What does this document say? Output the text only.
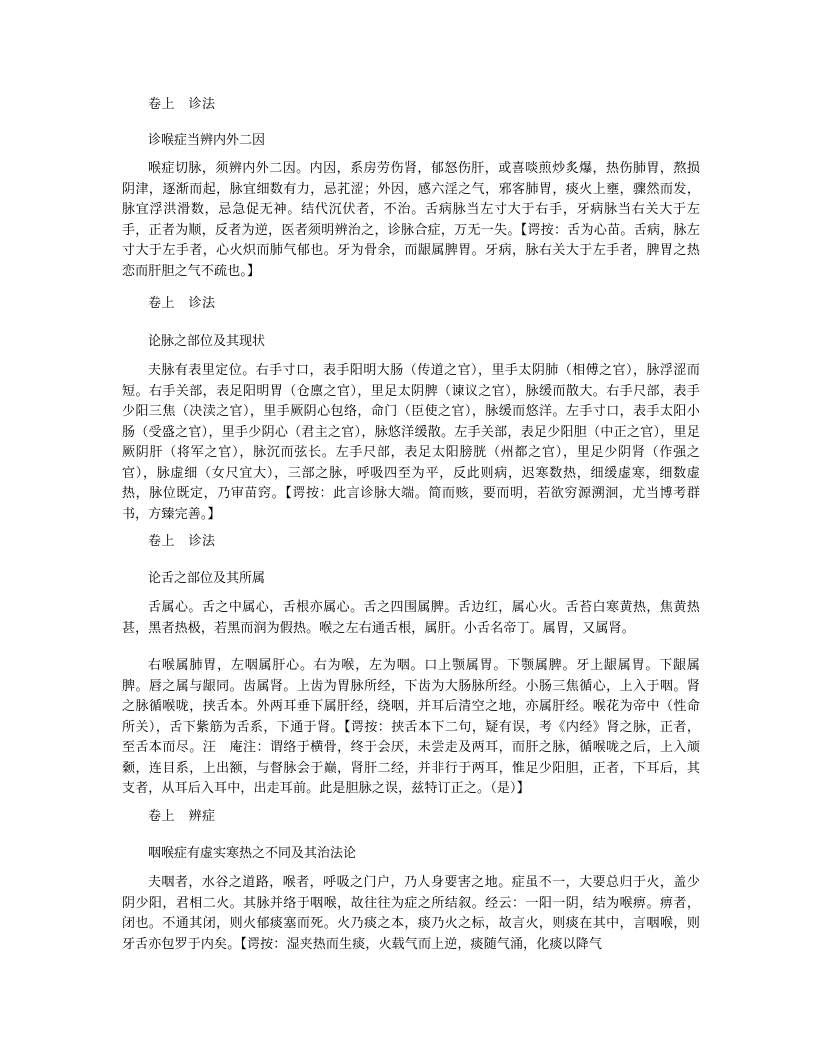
卷上　诊法
诊喉症当辨内外二因

喉症切脉，须辨内外二因。内因，系房劳伤肾，郁怒伤肝，或喜啖煎炒炙爆，热伤肺胃，熬损阴津，逐渐而起，脉宜细数有力，忌芤涩；外因，感六淫之气，邪客肺胃，痰火上壅，骤然而发，脉宜浮洪滑数，忌急促无神。结代沉伏者，不治。舌病脉当左寸大于右手，牙病脉当右关大于左手，正者为顺，反者为逆，医者须明辨治之，诊脉合症，万无一失。【谔按：舌为心苗。舌病，脉左寸大于左手者，心火炽而肺气郁也。牙为骨余，而龈属脾胃。牙病，脉右关大于左手者，脾胃之热恋而肝胆之气不疏也。】

卷上　诊法
论脉之部位及其现状

夫脉有表里定位。右手寸口，表手阳明大肠（传道之官），里手太阴肺（相傅之官），脉浮涩而短。右手关部，表足阳明胃（仓廪之官），里足太阴脾（谏议之官），脉缓而散大。右手尺部，表手少阳三焦（决渎之官），里手厥阴心包络，命门（臣使之官），脉缓而悠洋。左手寸口，表手太阳小肠（受盛之官），里手少阴心（君主之官），脉悠洋缓散。左手关部，表足少阳胆（中正之官），里足厥阴肝（将军之官），脉沉而弦长。左手尺部，表足太阳膀胱（州都之官），里足少阴肾（作强之官），脉虚细（女尺宜大），三部之脉，呼吸四至为平，反此则病，迟寒数热，细缓虚寒，细数虚热，脉位既定，乃审苗窍。【谔按：此言诊脉大端。简而赅，要而明，若欲穷源溯洄，尤当博考群书，方臻完善。】

卷上　诊法
论舌之部位及其所属

舌属心。舌之中属心，舌根亦属心。舌之四围属脾。舌边红，属心火。舌苔白寒黄热，焦黄热甚，黑者热极，若黑而润为假热。喉之左右通舌根，属肝。小舌名帝丁。属胃，又属肾。

右喉属肺胃，左咽属肝心。右为喉，左为咽。口上颚属胃。下颚属脾。牙上龈属胃。下龈属脾。唇之属与龈同。齿属肾。上齿为胃脉所经，下齿为大肠脉所经。小肠三焦循心，上入于咽。肾之脉循喉咙，挟舌本。外两耳垂下属肝经，绕咽，并耳后清空之地，亦属肝经。喉花为帝中（性命所关），舌下紫筋为舌系，下通于肾。【谔按：挟舌本下二句，疑有误，考《内经》肾之脉，正者，至舌本而尽。汪　庵注：谓络于横骨，终于会厌，未尝走及两耳，而肝之脉，循喉咙之后，上入颃颡，连目系，上出额，与督脉会于巅，肾肝二经，并非行于两耳，惟足少阳胆，正者，下耳后，其支者，从耳后入耳中，出走耳前。此是胆脉之误，兹特订正之。（是）】

卷上　辨症
咽喉症有虚实寒热之不同及其治法论

夫咽者，水谷之道路，喉者，呼吸之门户，乃人身要害之地。症虽不一，大要总归于火，盖少阴少阳，君相二火。其脉并络于咽喉，故往往为症之所结叙。经云：一阳一阴，结为喉痹。痹者，闭也。不通其闭，则火郁痰塞而死。火乃痰之本，痰乃火之标，故言火，则痰在其中，言咽喉，则牙舌亦包罗于内矣。【谔按：湿夹热而生痰，火载气而上逆，痰随气涌，化痰以降气
